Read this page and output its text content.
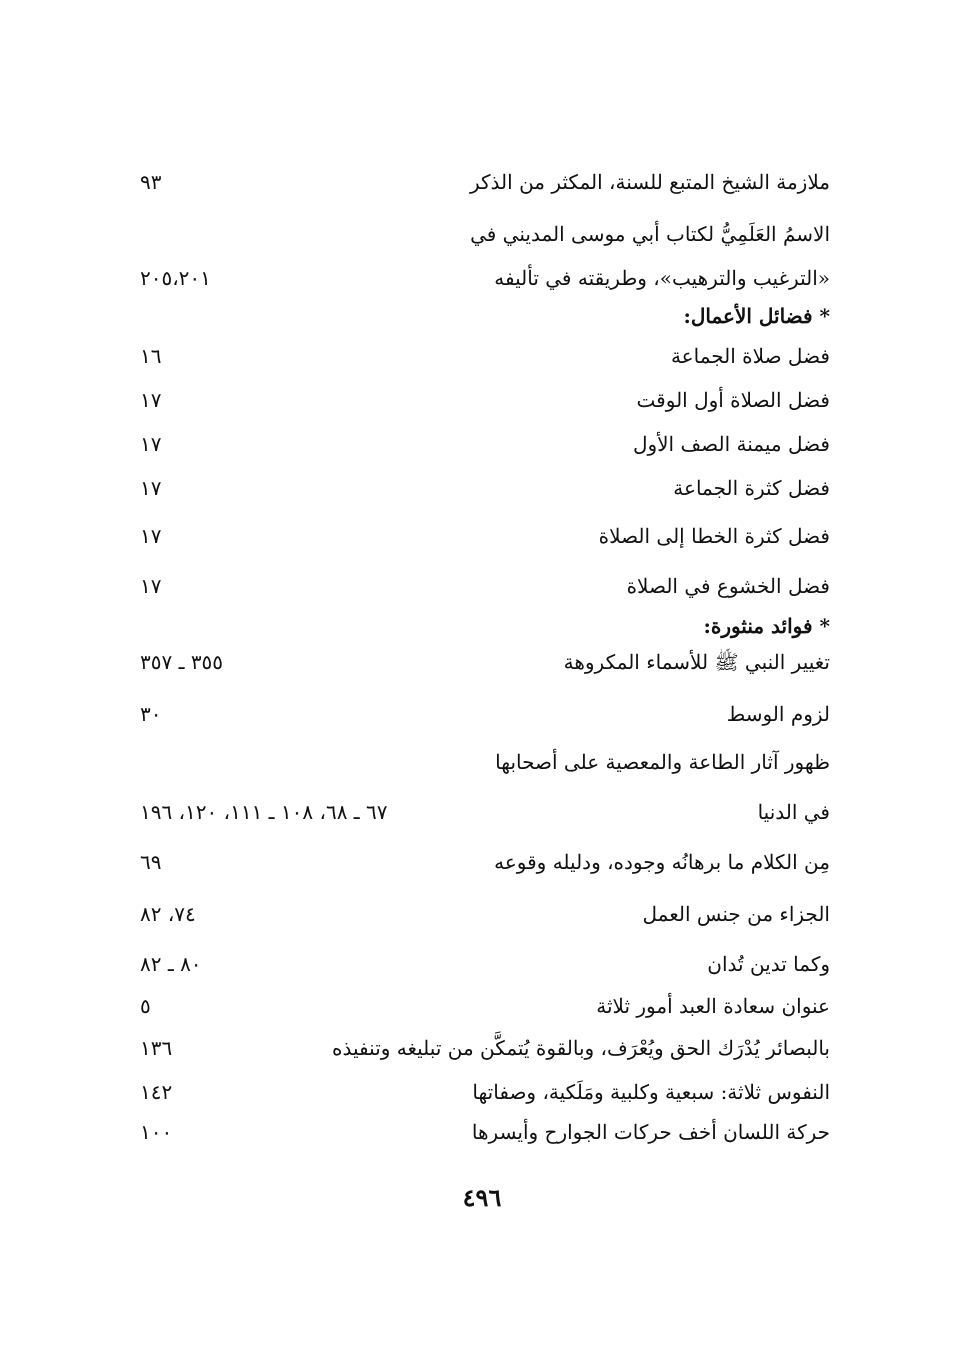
ملازمة الشيخ المتبع للسنة، المكثر من الذكر
٩٣
الاسمُ العَلَمِيُّ لكتاب أبي موسى المديني في
«الترغيب والترهيب»، وطريقته في تأليفه
٢٠٥،٢٠١
* فضائل الأعمال:
فضل صلاة الجماعة
١٦
فضل الصلاة أول الوقت
١٧
فضل ميمنة الصف الأول
١٧
فضل كثرة الجماعة
١٧
فضل كثرة الخطا إلى الصلاة
١٧
فضل الخشوع في الصلاة
١٧
* فوائد منثورة:
تغيير النبي ﷺ للأسماء المكروهة
٣٥٥ ـ ٣٥٧
لزوم الوسط
٣٠
ظهور آثار الطاعة والمعصية على أصحابها
في الدنيا
٦٧ ـ ٦٨، ١٠٨ ـ ١١١، ١٢٠، ١٩٦
مِن الكلام ما برهانُه وجوده، ودليله وقوعه
٦٩
الجزاء من جنس العمل
٧٤، ٨٢
وكما تدين تُدان
٨٠ ـ ٨٢
عنوان سعادة العبد أمور ثلاثة
٥
بالبصائر يُدْرَك الحق ويُعْرَف، وبالقوة يُتمكَّن من تبليغه وتنفيذه
١٣٦
النفوس ثلاثة: سبعية وكلبية ومَلَكية، وصفاتها
١٤٢
حركة اللسان أخف حركات الجوارح وأيسرها
١٠٠
٤٩٦
